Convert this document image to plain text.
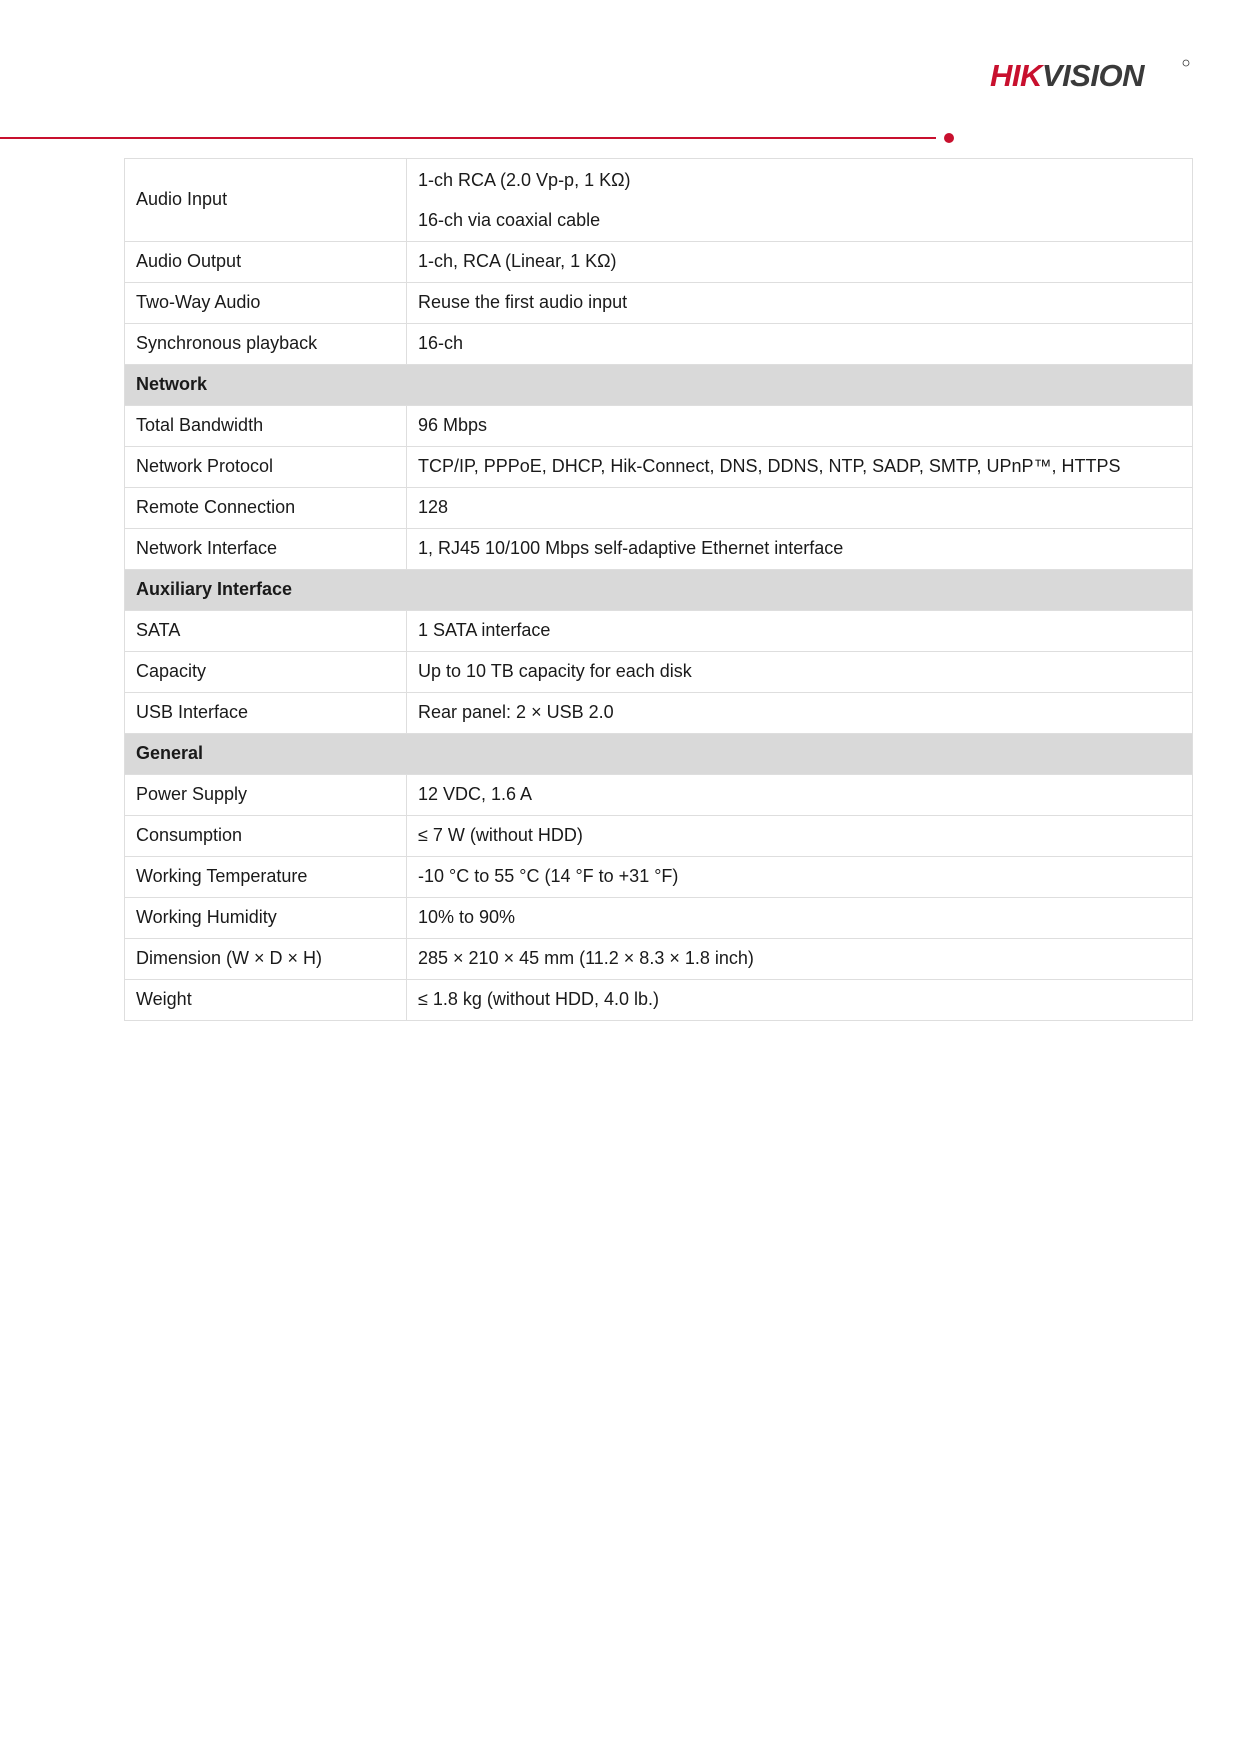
HIKVISION
Audio Input	1-ch RCA (2.0 Vp-p, 1 KΩ)
16-ch via coaxial cable

Audio Output	1-ch, RCA (Linear, 1 KΩ)
Two-Way Audio	Reuse the first audio input
Synchronous playback	16-ch
Network	
Total Bandwidth	96 Mbps
Network Protocol	TCP/IP, PPPoE, DHCP, Hik-Connect, DNS, DDNS, NTP, SADP, SMTP, UPnP™, HTTPS
Remote Connection	128
Network Interface	1, RJ45 10/100 Mbps self-adaptive Ethernet interface
Auxiliary Interface	
SATA	1 SATA interface
Capacity	Up to 10 TB capacity for each disk
USB Interface	Rear panel: 2 × USB 2.0
General	
Power Supply	12 VDC, 1.6 A
Consumption	≤ 7 W (without HDD)
Working Temperature	-10 °C to 55 °C (14 °F to +31 °F)
Working Humidity	10% to 90%
Dimension (W × D × H)	285 × 210 × 45 mm (11.2 × 8.3 × 1.8 inch)
Weight	≤ 1.8 kg (without HDD, 4.0 lb.)
